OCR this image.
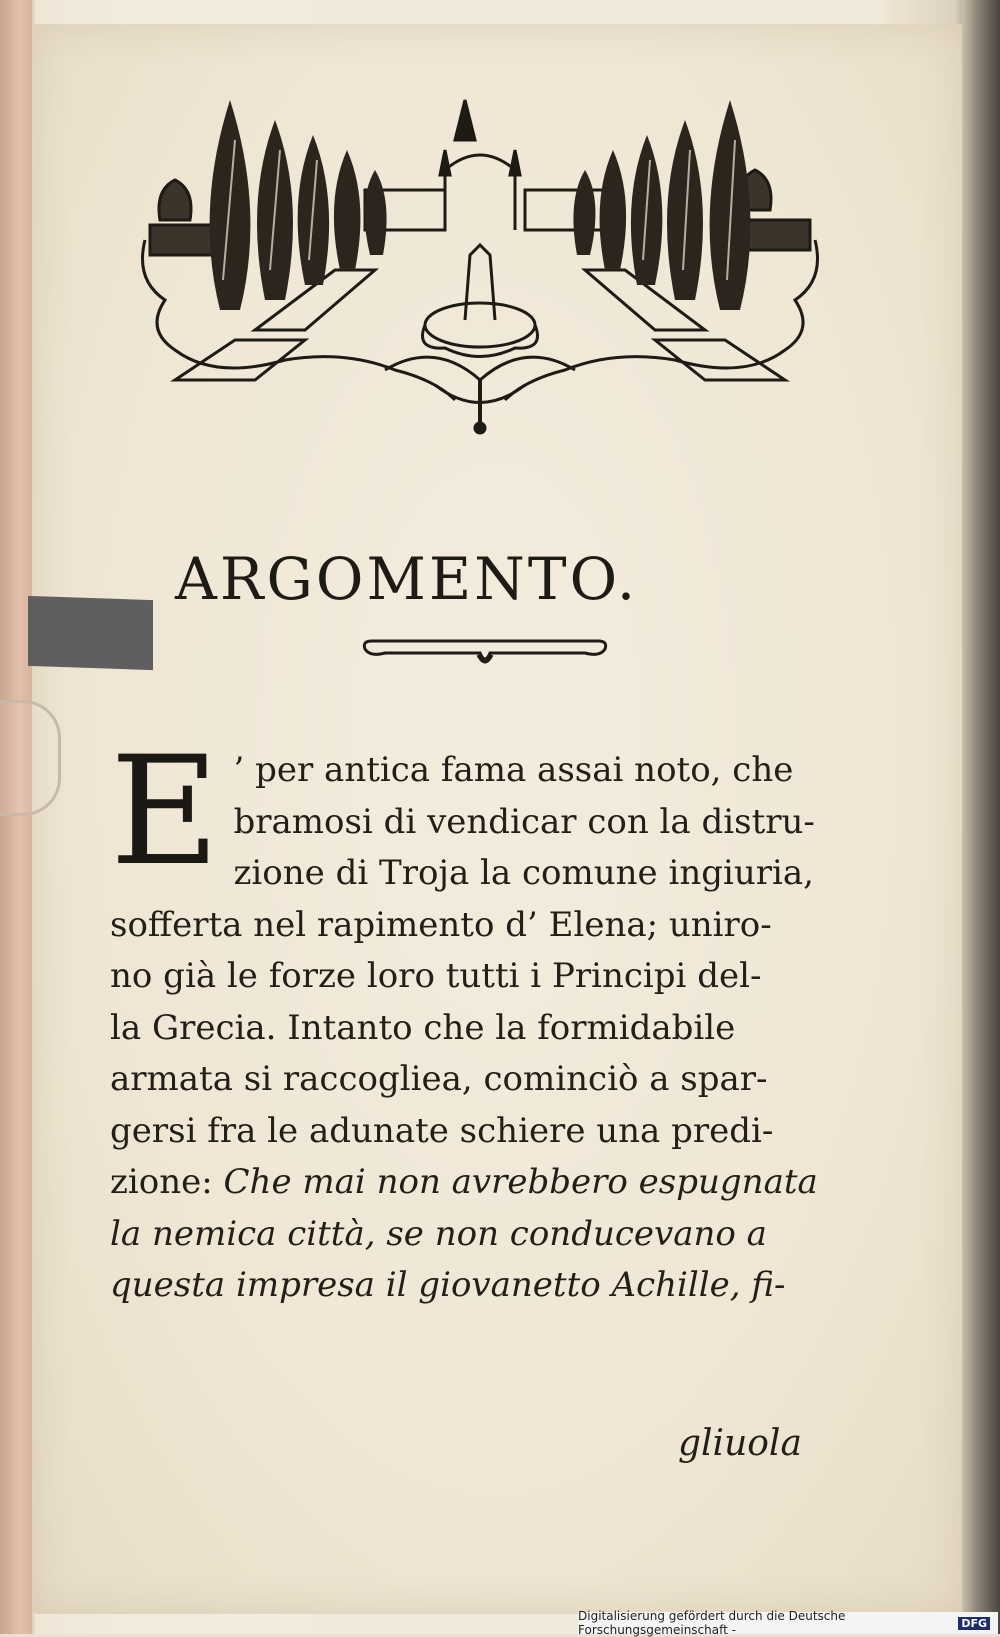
ARGOMENTO.
E ’ per antica fama assai noto, che
bramosi di vendicar con la distru-
zione di Troja la comune ingiuria,
sofferta nel rapimento d’ Elena; uniro-
no già le forze loro tutti i Principi del-
la Grecia. Intanto che la formidabile
armata si raccogliea, cominciò a spar-
gersi fra le adunate schiere una predi-
zione: Che mai non avrebbero espugnata
la nemica città, se non conducevano a
questa impresa il giovanetto Achille, fi-
gliuola
Digitalisierung gefördert durch die Deutsche Forschungsgemeinschaft -	DFG
